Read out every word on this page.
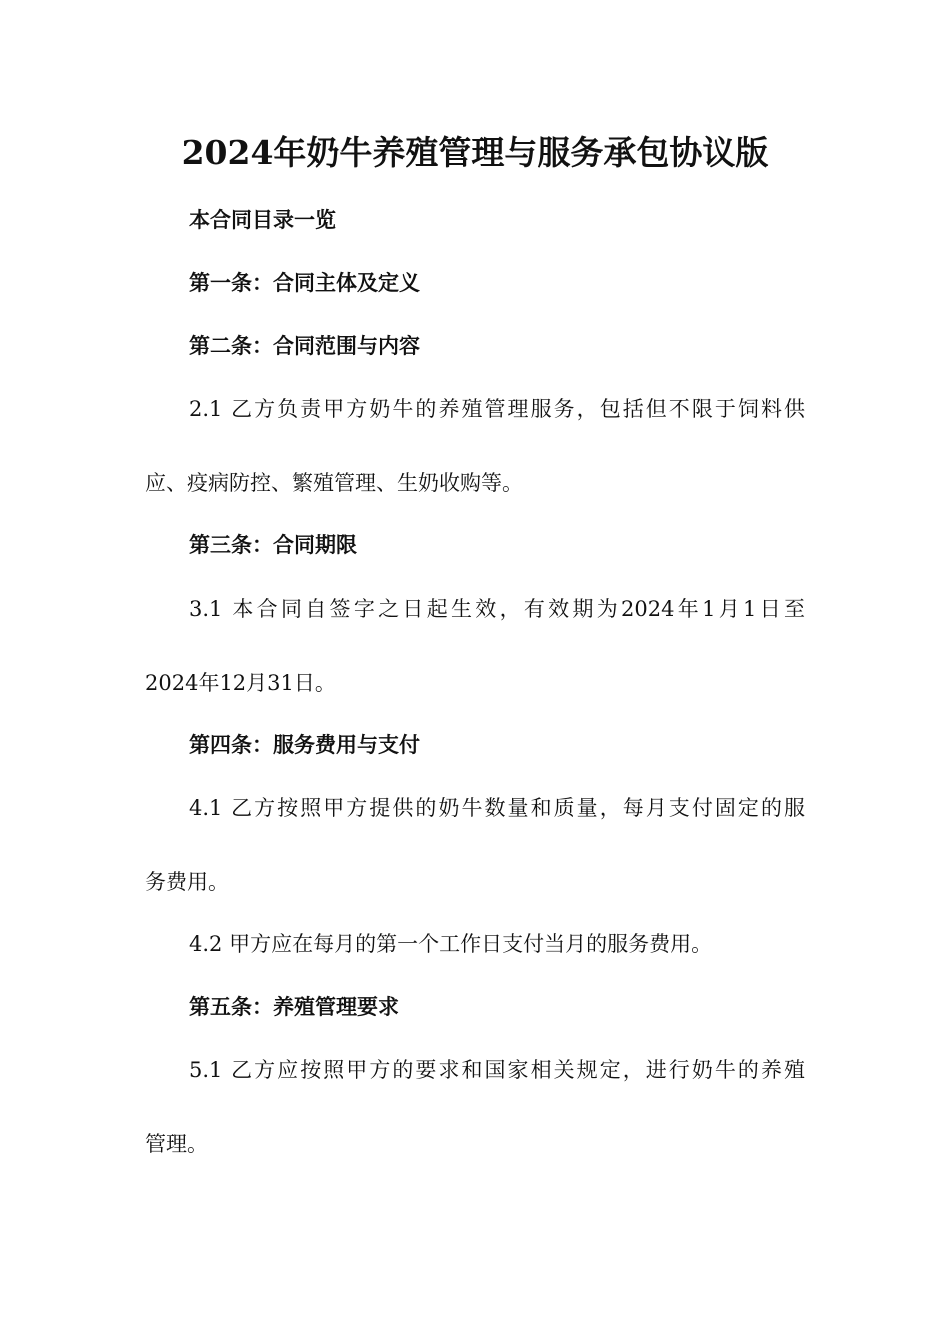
2024年奶牛养殖管理与服务承包协议版
本合同目录一览
第一条：合同主体及定义
第二条：合同范围与内容
2.1 乙方负责甲方奶牛的养殖管理服务，包括但不限于饲料供
应、疫病防控、繁殖管理、生奶收购等。
第三条：合同期限
3.1 本合同自签字之日起生效，有效期为2024年1月1日至
2024年12月31日。
第四条：服务费用与支付
4.1 乙方按照甲方提供的奶牛数量和质量，每月支付固定的服
务费用。
4.2 甲方应在每月的第一个工作日支付当月的服务费用。
第五条：养殖管理要求
5.1 乙方应按照甲方的要求和国家相关规定，进行奶牛的养殖
管理。
